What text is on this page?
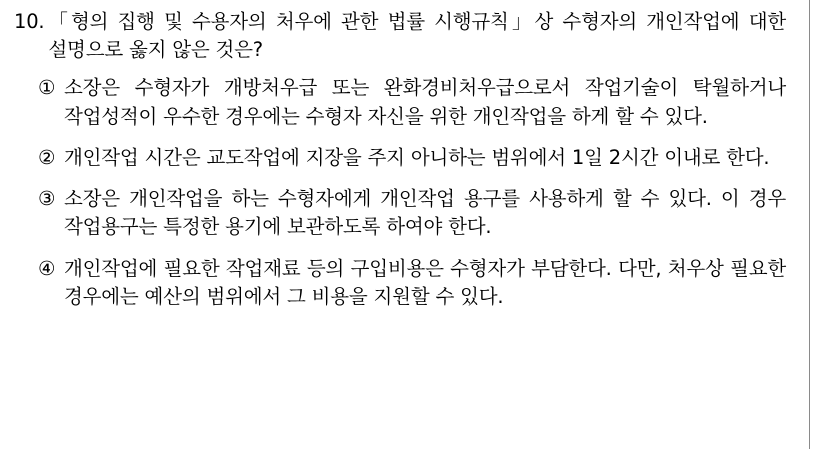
10. 「형의 집행 및 수용자의 처우에 관한 법률 시행규칙」상 수형자의 개인작업에 대한 설명으로 옳지 않은 것은?
① 소장은 수형자가 개방처우급 또는 완화경비처우급으로서 작업기술이 탁월하거나 작업성적이 우수한 경우에는 수형자 자신을 위한 개인작업을 하게 할 수 있다.
② 개인작업 시간은 교도작업에 지장을 주지 아니하는 범위에서 1일 2시간 이내로 한다.
③ 소장은 개인작업을 하는 수형자에게 개인작업 용구를 사용하게 할 수 있다. 이 경우 작업용구는 특정한 용기에 보관하도록 하여야 한다.
④ 개인작업에 필요한 작업재료 등의 구입비용은 수형자가 부담한다. 다만, 처우상 필요한 경우에는 예산의 범위에서 그 비용을 지원할 수 있다.
